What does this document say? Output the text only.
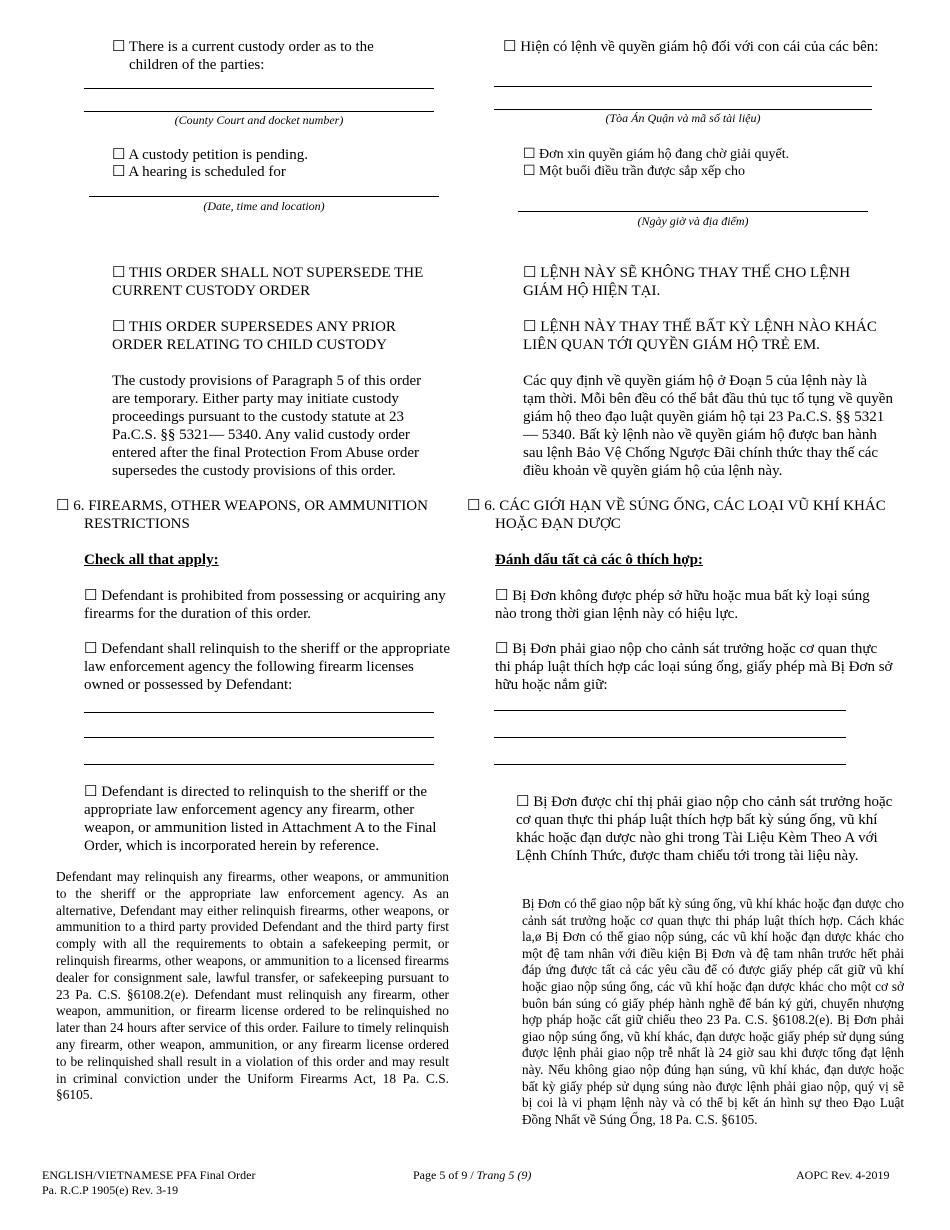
☐ There is a current custody order as to the children of the parties:
(County Court and docket number)
☐ A custody petition is pending.
☐ A hearing is scheduled for
(Date, time and location)
☐ THIS ORDER SHALL NOT SUPERSEDE THE CURRENT CUSTODY ORDER
☐ THIS ORDER SUPERSEDES ANY PRIOR ORDER RELATING TO CHILD CUSTODY
The custody provisions of Paragraph 5 of this order are temporary. Either party may initiate custody proceedings pursuant to the custody statute at 23 Pa.C.S. §§ 5321— 5340. Any valid custody order entered after the final Protection From Abuse order supersedes the custody provisions of this order.
☐ 6. FIREARMS, OTHER WEAPONS, OR AMMUNITION RESTRICTIONS
Check all that apply:
☐ Defendant is prohibited from possessing or acquiring any firearms for the duration of this order.
☐ Defendant shall relinquish to the sheriff or the appropriate law enforcement agency the following firearm licenses owned or possessed by Defendant:
☐ Defendant is directed to relinquish to the sheriff or the appropriate law enforcement agency any firearm, other weapon, or ammunition listed in Attachment A to the Final Order, which is incorporated herein by reference.
Defendant may relinquish any firearms, other weapons, or ammunition to the sheriff or the appropriate law enforcement agency. As an alternative, Defendant may either relinquish firearms, other weapons, or ammunition to a third party provided Defendant and the third party first comply with all the requirements to obtain a safekeeping permit, or relinquish firearms, other weapons, or ammunition to a licensed firearms dealer for consignment sale, lawful transfer, or safekeeping pursuant to 23 Pa. C.S. §6108.2(e). Defendant must relinquish any firearm, other weapon, ammunition, or firearm license ordered to be relinquished no later than 24 hours after service of this order. Failure to timely relinquish any firearm, other weapon, ammunition, or any firearm license ordered to be relinquished shall result in a violation of this order and may result in criminal conviction under the Uniform Firearms Act, 18 Pa. C.S. §6105.
☐ Hiện có lệnh về quyền giám hộ đối với con cái của các bên:
(Tòa Án Quận và mã số tài liệu)
☐ Đơn xin quyền giám hộ đang chờ giải quyết.
☐ Một buổi điều trần được sắp xếp cho
(Ngày giờ và địa điểm)
☐ LỆNH NÀY SẼ KHÔNG THAY THẾ CHO LỆNH GIÁM HỘ HIỆN TẠI.
☐ LỆNH NÀY THAY THẾ BẤT KỲ LỆNH NÀO KHÁC LIÊN QUAN TỚI QUYỀN GIÁM HỘ TRẺ EM.
Các quy định về quyền giám hộ ở Đoạn 5 của lệnh này là tạm thời. Mỗi bên đều có thể bắt đầu thủ tục tố tụng về quyền giám hộ theo đạo luật quyền giám hộ tại 23 Pa.C.S. §§ 5321— 5340. Bất kỳ lệnh nào về quyền giám hộ được ban hành sau lệnh Bảo Vệ Chống Ngược Đãi chính thức thay thế các điều khoản về quyền giám hộ của lệnh này.
☐ 6. CÁC GIỚI HẠN VỀ SÚNG ỐNG, CÁC LOẠI VŨ KHÍ KHÁC HOẶC ĐẠN DƯỢC
Đánh dấu tất cả các ô thích hợp:
☐ Bị Đơn không được phép sở hữu hoặc mua bất kỳ loại súng nào trong thời gian lệnh này có hiệu lực.
☐ Bị Đơn phải giao nộp cho cảnh sát trưởng hoặc cơ quan thực thi pháp luật thích hợp các loại súng ống, giấy phép mà Bị Đơn sở hữu hoặc nắm giữ:
☐ Bị Đơn được chỉ thị phải giao nộp cho cảnh sát trưởng hoặc cơ quan thực thi pháp luật thích hợp bất kỳ súng ống, vũ khí khác hoặc đạn dược nào ghi trong Tài Liệu Kèm Theo A với Lệnh Chính Thức, được tham chiếu tới trong tài liệu này.
Bị Đơn có thể giao nộp bất kỳ súng ống, vũ khí khác hoặc đạn dược cho cảnh sát trưởng hoặc cơ quan thực thi pháp luật thích hợp. Cách khác la,ø Bị Đơn có thể giao nộp súng, các vũ khí hoặc đạn dược khác cho một đệ tam nhân với điều kiện Bị Đơn và đệ tam nhân trước hết phải đáp ứng được tất cả các yêu cầu để có được giấy phép cất giữ vũ khí hoặc giao nộp súng ống, các vũ khí hoặc đạn dược khác cho một cơ sở buôn bán súng có giấy phép hành nghề để bán ký gửi, chuyển nhượng hợp pháp hoặc cất giữ chiếu theo 23 Pa. C.S. §6108.2(e). Bị Đơn phải giao nộp súng ống, vũ khí khác, đạn dược hoặc giấy phép sử dụng súng được lệnh phải giao nộp trễ nhất là 24 giờ sau khi được tống đạt lệnh này. Nếu không giao nộp đúng hạn súng, vũ khí khác, đạn dược hoặc bất kỳ giấy phép sử dụng súng nào được lệnh phải giao nộp, quý vị sẽ bị coi là vi phạm lệnh này và có thể bị kết án hình sự theo Đạo Luật Đồng Nhất về Súng Ống, 18 Pa. C.S. §6105.
ENGLISH/VIETNAMESE PFA Final Order
Pa. R.C.P 1905(e) Rev. 3-19
Page 5 of 9 / Trang 5 (9)	AOPC Rev. 4-2019
